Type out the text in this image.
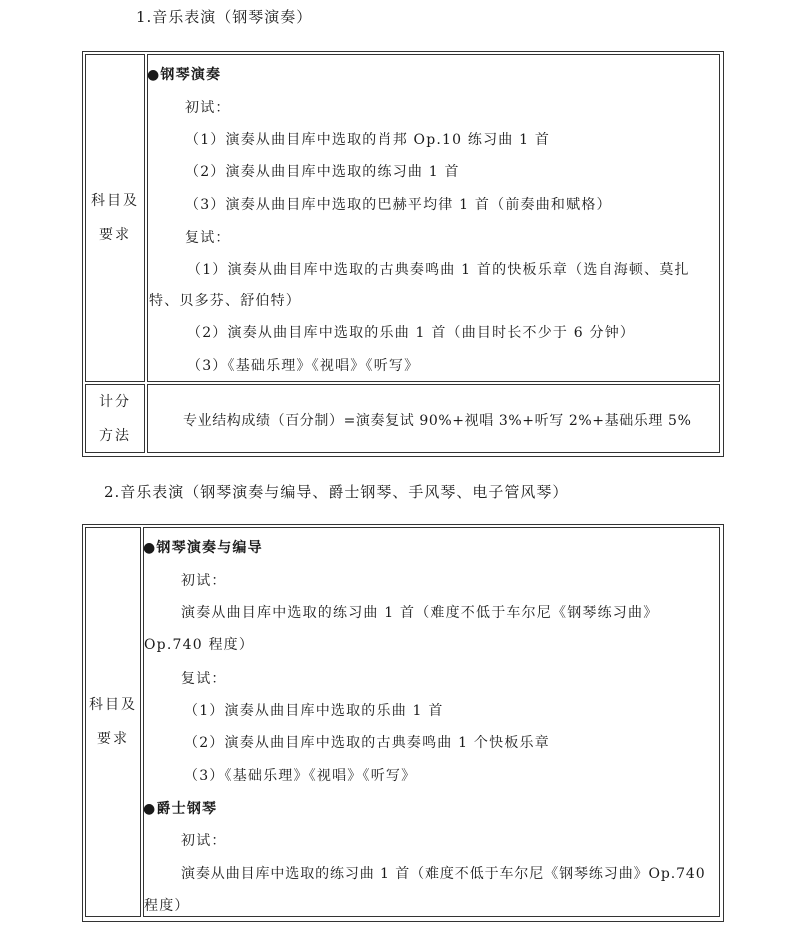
1.音乐表演（钢琴演奏）
科目及
要求
计分
方法
●钢琴演奏
初试：
（1）演奏从曲目库中选取的肖邦 Op.10 练习曲 1 首
（2）演奏从曲目库中选取的练习曲 1 首
（3）演奏从曲目库中选取的巴赫平均律 1 首（前奏曲和赋格）
复试：
（1）演奏从曲目库中选取的古典奏鸣曲 1 首的快板乐章（选自海顿、莫扎
特、贝多芬、舒伯特）
（2）演奏从曲目库中选取的乐曲 1 首（曲目时长不少于 6 分钟）
（3）《基础乐理》《视唱》《听写》
专业结构成绩（百分制）=演奏复试 90%+视唱 3%+听写 2%+基础乐理 5%
2.音乐表演（钢琴演奏与编导、爵士钢琴、手风琴、电子管风琴）
科目及
要求
●钢琴演奏与编导
初试：
演奏从曲目库中选取的练习曲 1 首（难度不低于车尔尼《钢琴练习曲》
Op.740 程度）
复试：
（1）演奏从曲目库中选取的乐曲 1 首
（2）演奏从曲目库中选取的古典奏鸣曲 1 个快板乐章
（3）《基础乐理》《视唱》《听写》
●爵士钢琴
初试：
演奏从曲目库中选取的练习曲 1 首（难度不低于车尔尼《钢琴练习曲》Op.740
程度）
